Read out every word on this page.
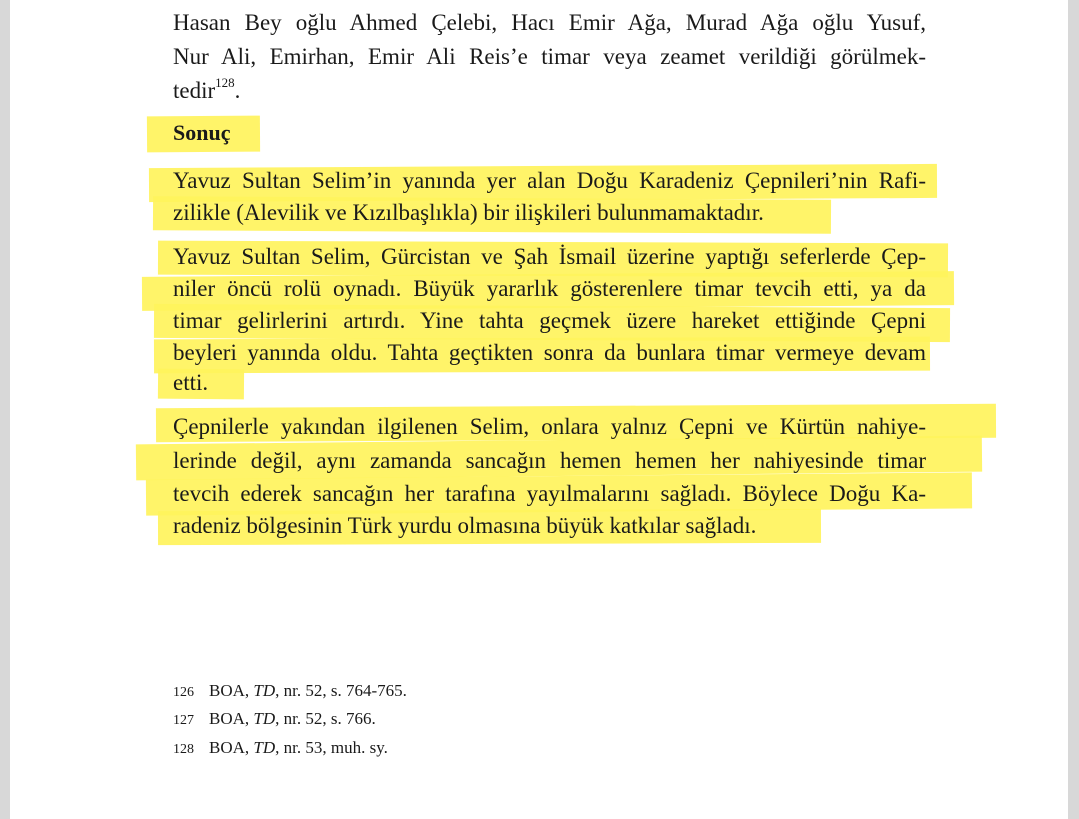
Hasan Bey oğlu Ahmed Çelebi, Hacı Emir Ağa, Murad Ağa oğlu Yusuf,
Nur Ali, Emirhan, Emir Ali Reis’e timar veya zeamet verildiği görülmek-
tedir$^{128}$.
Sonuç
Yavuz Sultan Selim’in yanında yer alan Doğu Karadeniz Çepnileri’nin Rafi-
zilikle (Alevilik ve Kızılbaşlıkla) bir ilişkileri bulunmamaktadır.
Yavuz Sultan Selim, Gürcistan ve Şah İsmail üzerine yaptığı seferlerde Çep-
niler öncü rolü oynadı. Büyük yararlık gösterenlere timar tevcih etti, ya da
timar gelirlerini artırdı. Yine tahta geçmek üzere hareket ettiğinde Çepni
beyleri yanında oldu. Tahta geçtikten sonra da bunlara timar vermeye devam
etti.
Çepnilerle yakından ilgilenen Selim, onlara yalnız Çepni ve Kürtün nahiye-
lerinde değil, aynı zamanda sancağın hemen hemen her nahiyesinde timar
tevcih ederek sancağın her tarafına yayılmalarını sağladı. Böylece Doğu Ka-
radeniz bölgesinin Türk yurdu olmasına büyük katkılar sağladı.
126 BOA, TD, nr. 52, s. 764-765.
127 BOA, TD, nr. 52, s. 766.
128 BOA, TD, nr. 53, muh. sy.
